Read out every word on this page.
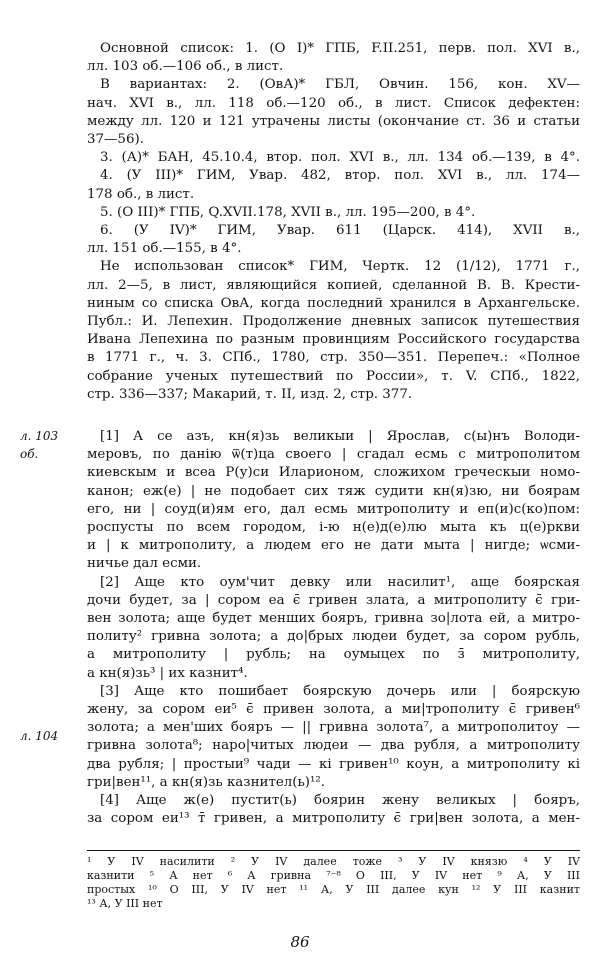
Основной список: 1. (О I)* ГПБ, F.II.251, перв. пол. XVI в.,
лл. 103 об.—106 об., в лист.
В вариантах: 2. (ОвА)* ГБЛ, Овчин. 156, кон. XV—
нач. XVI в., лл. 118 об.—120 об., в лист. Список дефектен:
между лл. 120 и 121 утрачены листы (окончание ст. 36 и статьи
37—56).
3. (А)* БАН, 45.10.4, втор. пол. XVI в., лл. 134 об.—139, в 4°.
4. (У III)* ГИМ, Увар. 482, втор. пол. XVI в., лл. 174—
178 об., в лист.
5. (О III)* ГПБ, Q.XVII.178, XVII в., лл. 195—200, в 4°.
6. (У IV)* ГИМ, Увар. 611 (Царск. 414), XVII в.,
лл. 151 об.—155, в 4°.
Не использован список* ГИМ, Чертк. 12 (1/12), 1771 г.,
лл. 2—5, в лист, являющийся копией, сделанной В. В. Крести-
ниным со списка ОвА, когда последний хранился в Архангельске.
Публ.: И. Лепехин. Продолжение дневных записок путешествия
Ивана Лепехина по разным провинциям Российского государства
в 1771 г., ч. 3. СПб., 1780, стр. 350—351. Перепеч.: «Полное
собрание ученых путешествий по России», т. V. СПб., 1822,
стр. 336—337; Макарий, т. II, изд. 2, стр. 377.
л. 103
об.
л. 104
[1] А се азъ, кн(я)зь великыи | Ярослав, с(ы)нъ Володи-
меровъ, по данію ѿ(т)ца своего | сгадал есмь с митрополитом
киевскым и всеа Р(у)си Иларионом, сложихом греческыи номо-
канон; еж(е) | не подобает сих тяж судити кн(я)зю, ни боярам
его, ни | соуд(и)ям его, дал есмь митрополиту и еп(и)с(ко)пом:
роспусты по всем городом, і-ю н(е)д(е)лю мыта къ ц(е)ркви
и | к митрополиту, а людем его не дати мыта | нигде; ѡсми-
ничье дал есми.
[2] Аще кто оум'чит девку или насилит¹, аще боярская
дочи будет, за | сором еа є̄ гривен злата, а митрополиту є̄ гри-
вен золота; аще будет менших бояръ, гривна зо|лота ей, а митро-
политу² гривна золота; а до|брых людеи будет, за сором рубль,
а митрополиту | рубль; на оумыцех по з̄ митрополиту,
а кн(я)зь³ | их казнит⁴.
[3] Аще кто пошибает боярскую дочерь или | боярскую
жену, за сором еи⁵ є̄ привен золота, а ми|трополиту є̄ гривен⁶
золота; а мен'ших бояръ — || гривна золота⁷, а митрополитоу —
гривна золота⁸; наро|читых людеи — два рубля, а митрополиту
два рубля; | простыи⁹ чади — кі гривен¹⁰ коун, а митрополиту кі
гри|вен¹¹, а кн(я)зь казнител(ь)¹².
[4] Аще ж(е) пустит(ь) боярин жену великых | бояръ,
за сором еи¹³ т̄ гривен, а митрополиту є̄ гри|вен золота, а мен-
¹ У IV насилити ² У IV далее тоже ³ У IV князю ⁴ У IV
казнити ⁵ А нет ⁶ А гривна ⁷⁻⁸ О III, У IV нет ⁹ А, У III
простых ¹⁰ О III, У IV нет ¹¹ А, У III далее кун ¹² У III казнит
¹³ А, У III нет
86
